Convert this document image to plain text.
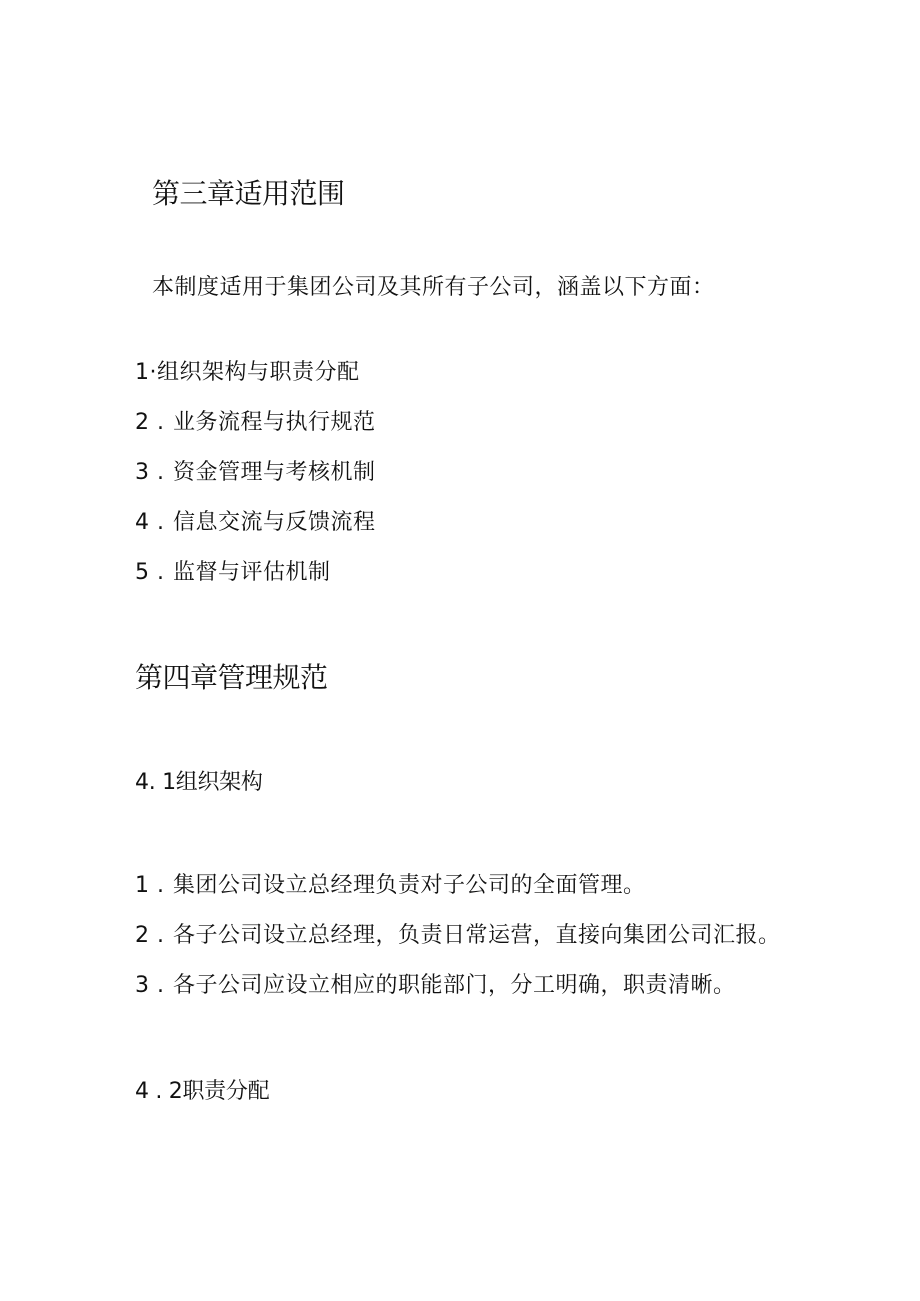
第三章适用范围
本制度适用于集团公司及其所有子公司，涵盖以下方面：
1·组织架构与职责分配
2 . 业务流程与执行规范
3 . 资金管理与考核机制
4 . 信息交流与反馈流程
5 . 监督与评估机制
第四章管理规范
4. 1组织架构
1 . 集团公司设立总经理负责对子公司的全面管理。
2 . 各子公司设立总经理，负责日常运营，直接向集团公司汇报。
3 . 各子公司应设立相应的职能部门，分工明确，职责清晰。
4 . 2职责分配
